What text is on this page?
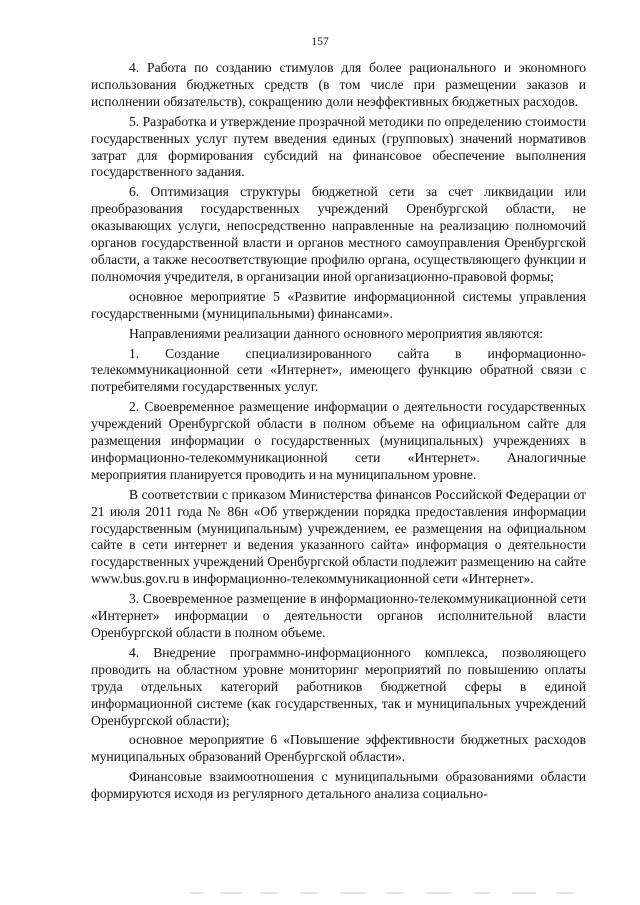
157

4. Работа по созданию стимулов для более рационального и экономного использования бюджетных средств (в том числе при размещении заказов и исполнении обязательств), сокращению доли неэффективных бюджетных расходов.

5. Разработка и утверждение прозрачной методики по определению стоимости государственных услуг путем введения единых (групповых) значений нормативов затрат для формирования субсидий на финансовое обеспечение выполнения государственного задания.

6. Оптимизация структуры бюджетной сети за счет ликвидации или преобразования государственных учреждений Оренбургской области, не оказывающих услуги, непосредственно направленные на реализацию полномочий органов государственной власти и органов местного самоуправления Оренбургской области, а также несоответствующие профилю органа, осуществляющего функции и полномочия учредителя, в организации иной организационно-правовой формы;

основное мероприятие 5 «Развитие информационной системы управления государственными (муниципальными) финансами».

Направлениями реализации данного основного мероприятия являются:

1. Создание специализированного сайта в информационно-телекоммуникационной сети «Интернет», имеющего функцию обратной связи с потребителями государственных услуг.

2. Своевременное размещение информации о деятельности государственных учреждений Оренбургской области в полном объеме на официальном сайте для размещения информации о государственных (муниципальных) учреждениях в информационно-телекоммуникационной сети «Интернет». Аналогичные мероприятия планируется проводить и на муниципальном уровне.

В соответствии с приказом Министерства финансов Российской Федерации от 21 июля 2011 года № 86н «Об утверждении порядка предоставления информации государственным (муниципальным) учреждением, ее размещения на официальном сайте в сети интернет и ведения указанного сайта» информация о деятельности государственных учреждений Оренбургской области подлежит размещению на сайте www.bus.gov.ru в информационно-телекоммуникационной сети «Интернет».

3. Своевременное размещение в информационно-телекоммуникационной сети «Интернет» информации о деятельности органов исполнительной власти Оренбургской области в полном объеме.

4. Внедрение программно-информационного комплекса, позволяющего проводить на областном уровне мониторинг мероприятий по повышению оплаты труда отдельных категорий работников бюджетной сферы в единой информационной системе (как государственных, так и муниципальных учреждений Оренбургской области);

основное мероприятие 6 «Повышение эффективности бюджетных расходов муниципальных образований Оренбургской области».

Финансовые взаимоотношения с муниципальными образованиями области формируются исходя из регулярного детального анализа социально-
